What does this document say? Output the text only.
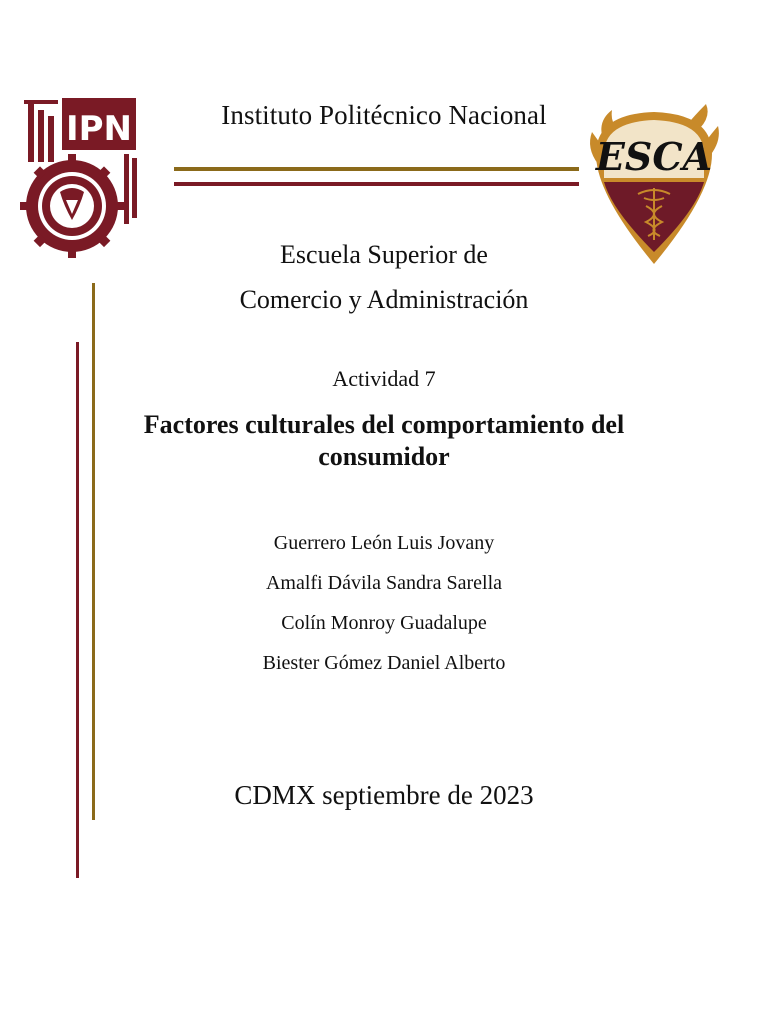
IPN
ESCA
Instituto Politécnico Nacional
Escuela Superior de
Comercio y Administración
Actividad 7
Factores culturales del comportamiento del
consumidor
Guerrero León Luis Jovany
Amalfi Dávila Sandra Sarella
Colín Monroy Guadalupe
Biester Gómez Daniel Alberto
CDMX septiembre de 2023
